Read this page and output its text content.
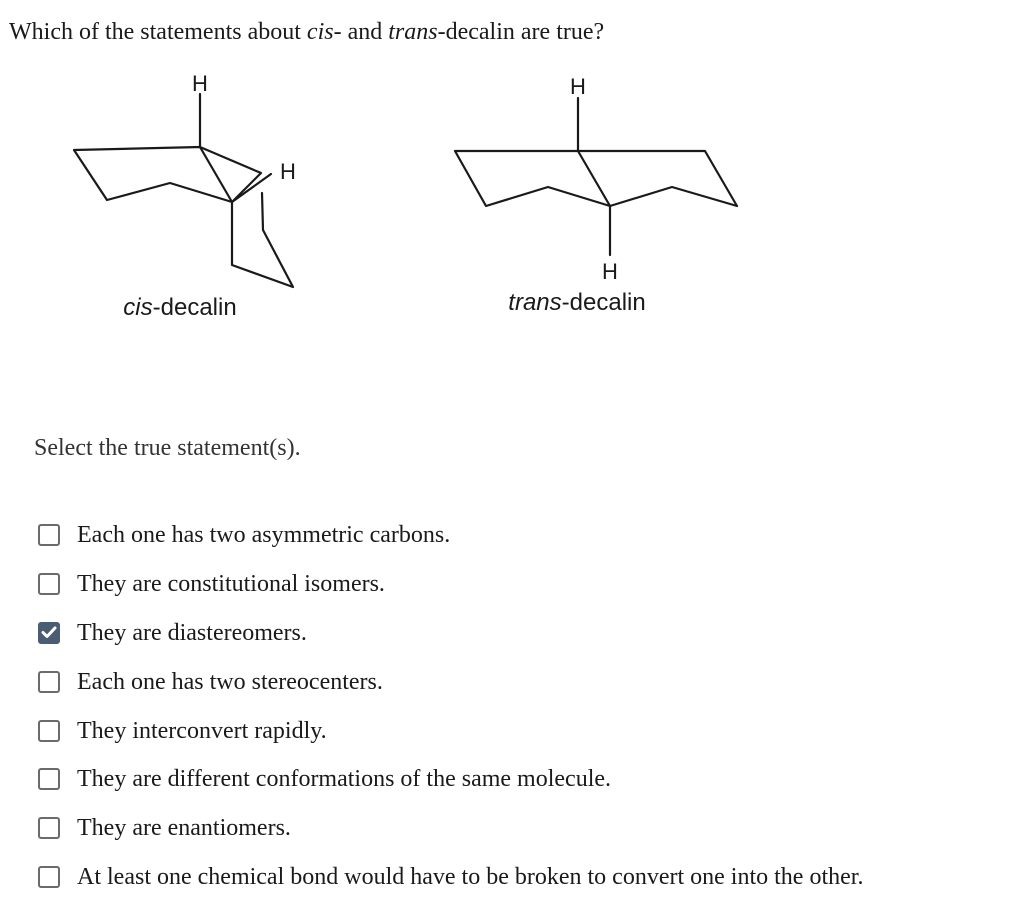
Which of the statements about cis- and trans-decalin are true?
H
H
cis-decalin
H
H
trans-decalin
Select the true statement(s).
Each one has two asymmetric carbons.
They are constitutional isomers.
They are diastereomers.
Each one has two stereocenters.
They interconvert rapidly.
They are different conformations of the same molecule.
They are enantiomers.
At least one chemical bond would have to be broken to convert one into the other.
